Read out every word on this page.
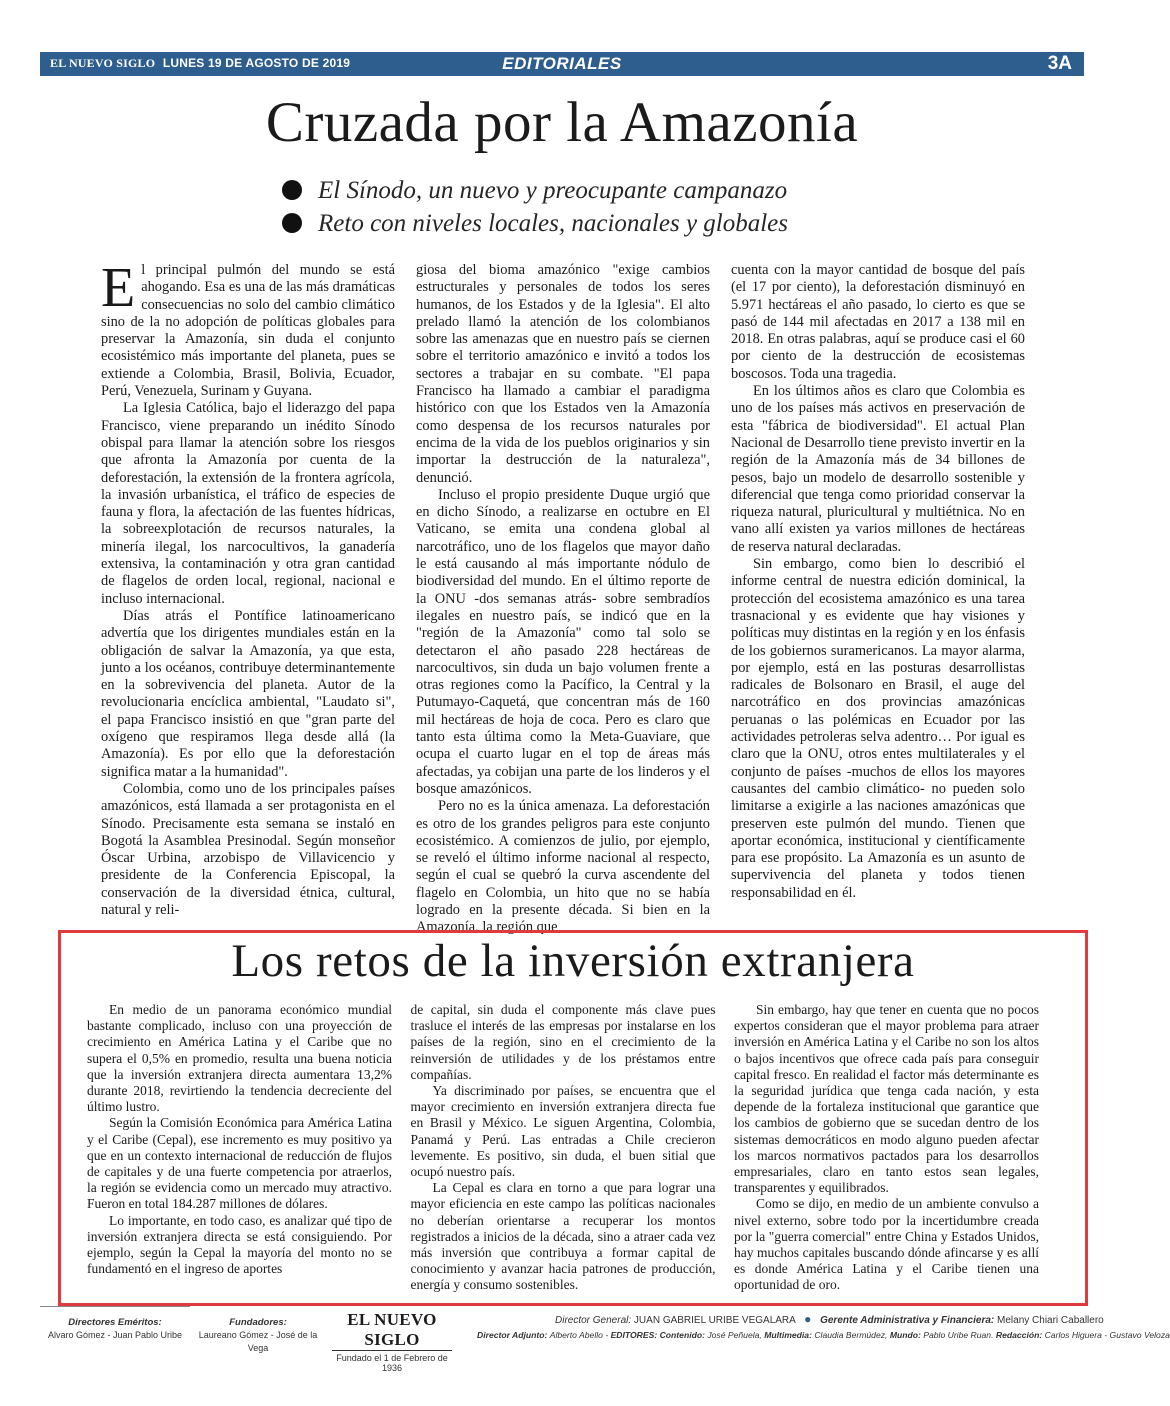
EL NUEVO SIGLO LUNES 19 DE AGOSTO DE 2019	EDITORIALES	3A
Cruzada por la Amazonía
El Sínodo, un nuevo y preocupante campanazo
Reto con niveles locales, nacionales y globales

El principal pulmón del mundo se está ahogando. Esa es una de las más dramáticas consecuencias no solo del cambio climático sino de la no adopción de políticas globales para preservar la Amazonía, sin duda el conjunto ecosistémico más importante del planeta, pues se extiende a Colombia, Brasil, Bolivia, Ecuador, Perú, Venezuela, Surinam y Guyana.

La Iglesia Católica, bajo el liderazgo del papa Francisco, viene preparando un inédito Sínodo obispal para llamar la atención sobre los riesgos que afronta la Amazonía por cuenta de la deforestación, la extensión de la frontera agrícola, la invasión urbanística, el tráfico de especies de fauna y flora, la afectación de las fuentes hídricas, la sobreexplotación de recursos naturales, la minería ilegal, los narcocultivos, la ganadería extensiva, la contaminación y otra gran cantidad de flagelos de orden local, regional, nacional e incluso internacional.

Días atrás el Pontífice latinoamericano advertía que los dirigentes mundiales están en la obligación de salvar la Amazonía, ya que esta, junto a los océanos, contribuye determinantemente en la sobrevivencia del planeta. Autor de la revolucionaria encíclica ambiental, "Laudato si", el papa Francisco insistió en que "gran parte del oxígeno que respiramos llega desde allá (la Amazonía). Es por ello que la deforestación significa matar a la humanidad".

Colombia, como uno de los principales países amazónicos, está llamada a ser protagonista en el Sínodo. Precisamente esta semana se instaló en Bogotá la Asamblea Presinodal. Según monseñor Óscar Urbina, arzobispo de Villavicencio y presidente de la Conferencia Episcopal, la conservación de la diversidad étnica, cultural, natural y reli-

giosa del bioma amazónico "exige cambios estructurales y personales de todos los seres humanos, de los Estados y de la Iglesia". El alto prelado llamó la atención de los colombianos sobre las amenazas que en nuestro país se ciernen sobre el territorio amazónico e invitó a todos los sectores a trabajar en su combate. "El papa Francisco ha llamado a cambiar el paradigma histórico con que los Estados ven la Amazonía como despensa de los recursos naturales por encima de la vida de los pueblos originarios y sin importar la destrucción de la naturaleza", denunció.

Incluso el propio presidente Duque urgió que en dicho Sínodo, a realizarse en octubre en El Vaticano, se emita una condena global al narcotráfico, uno de los flagelos que mayor daño le está causando al más importante nódulo de biodiversidad del mundo. En el último reporte de la ONU -dos semanas atrás- sobre sembradíos ilegales en nuestro país, se indicó que en la "región de la Amazonía" como tal solo se detectaron el año pasado 228 hectáreas de narcocultivos, sin duda un bajo volumen frente a otras regiones como la Pacífico, la Central y la Putumayo-Caquetá, que concentran más de 160 mil hectáreas de hoja de coca. Pero es claro que tanto esta última como la Meta-Guaviare, que ocupa el cuarto lugar en el top de áreas más afectadas, ya cobijan una parte de los linderos y el bosque amazónicos.

Pero no es la única amenaza. La deforestación es otro de los grandes peligros para este conjunto ecosistémico. A comienzos de julio, por ejemplo, se reveló el último informe nacional al respecto, según el cual se quebró la curva ascendente del flagelo en Colombia, un hito que no se había logrado en la presente década. Si bien en la Amazonía, la región que

cuenta con la mayor cantidad de bosque del país (el 17 por ciento), la deforestación disminuyó en 5.971 hectáreas el año pasado, lo cierto es que se pasó de 144 mil afectadas en 2017 a 138 mil en 2018. En otras palabras, aquí se produce casi el 60 por ciento de la destrucción de ecosistemas boscosos. Toda una tragedia.

En los últimos años es claro que Colombia es uno de los países más activos en preservación de esta "fábrica de biodiversidad". El actual Plan Nacional de Desarrollo tiene previsto invertir en la región de la Amazonía más de 34 billones de pesos, bajo un modelo de desarrollo sostenible y diferencial que tenga como prioridad conservar la riqueza natural, pluricultural y multiétnica. No en vano allí existen ya varios millones de hectáreas de reserva natural declaradas.

Sin embargo, como bien lo describió el informe central de nuestra edición dominical, la protección del ecosistema amazónico es una tarea trasnacional y es evidente que hay visiones y políticas muy distintas en la región y en los énfasis de los gobiernos suramericanos. La mayor alarma, por ejemplo, está en las posturas desarrollistas radicales de Bolsonaro en Brasil, el auge del narcotráfico en dos provincias amazónicas peruanas o las polémicas en Ecuador por las actividades petroleras selva adentro… Por igual es claro que la ONU, otros entes multilaterales y el conjunto de países -muchos de ellos los mayores causantes del cambio climático- no pueden solo limitarse a exigirle a las naciones amazónicas que preserven este pulmón del mundo. Tienen que aportar económica, institucional y científicamente para ese propósito. La Amazonía es un asunto de supervivencia del planeta y todos tienen responsabilidad en él.

Los retos de la inversión extranjera

En medio de un panorama económico mundial bastante complicado, incluso con una proyección de crecimiento en América Latina y el Caribe que no supera el 0,5% en promedio, resulta una buena noticia que la inversión extranjera directa aumentara 13,2% durante 2018, revirtiendo la tendencia decreciente del último lustro.

Según la Comisión Económica para América Latina y el Caribe (Cepal), ese incremento es muy positivo ya que en un contexto internacional de reducción de flujos de capitales y de una fuerte competencia por atraerlos, la región se evidencia como un mercado muy atractivo. Fueron en total 184.287 millones de dólares.

Lo importante, en todo caso, es analizar qué tipo de inversión extranjera directa se está consiguiendo. Por ejemplo, según la Cepal la mayoría del monto no se fundamentó en el ingreso de aportes

de capital, sin duda el componente más clave pues trasluce el interés de las empresas por instalarse en los países de la región, sino en el crecimiento de la reinversión de utilidades y de los préstamos entre compañías.

Ya discriminado por países, se encuentra que el mayor crecimiento en inversión extranjera directa fue en Brasil y México. Le siguen Argentina, Colombia, Panamá y Perú. Las entradas a Chile crecieron levemente. Es positivo, sin duda, el buen sitial que ocupó nuestro país.

La Cepal es clara en torno a que para lograr una mayor eficiencia en este campo las políticas nacionales no deberían orientarse a recuperar los montos registrados a inicios de la década, sino a atraer cada vez más inversión que contribuya a formar capital de conocimiento y avanzar hacia patrones de producción, energía y consumo sostenibles.

Sin embargo, hay que tener en cuenta que no pocos expertos consideran que el mayor problema para atraer inversión en América Latina y el Caribe no son los altos o bajos incentivos que ofrece cada país para conseguir capital fresco. En realidad el factor más determinante es la seguridad jurídica que tenga cada nación, y esta depende de la fortaleza institucional que garantice que los cambios de gobierno que se sucedan dentro de los sistemas democráticos en modo alguno pueden afectar los marcos normativos pactados para los desarrollos empresariales, claro en tanto estos sean legales, transparentes y equilibrados.

Como se dijo, en medio de un ambiente convulso a nivel externo, sobre todo por la incertidumbre creada por la "guerra comercial" entre China y Estados Unidos, hay muchos capitales buscando dónde afincarse y es allí es donde América Latina y el Caribe tienen una oportunidad de oro.

Directores Eméritos:
Alvaro Gómez - Juan Pablo Uribe
Fundadores:
Laureano Gómez - José de la Vega
EL NUEVO SIGLO
Fundado el 1 de Febrero de 1936
Director General: JUAN GABRIEL URIBE VEGALARA ● Gerente Administrativa y Financiera: Melany Chiari Caballero
Director Adjunto: Alberto Abello - EDITORES: Contenido: José Peñuela, Multimedia: Claudia Bermúdez, Mundo: Pablo Uribe Ruan. Redacción: Carlos Higuera - Gustavo Veloza
